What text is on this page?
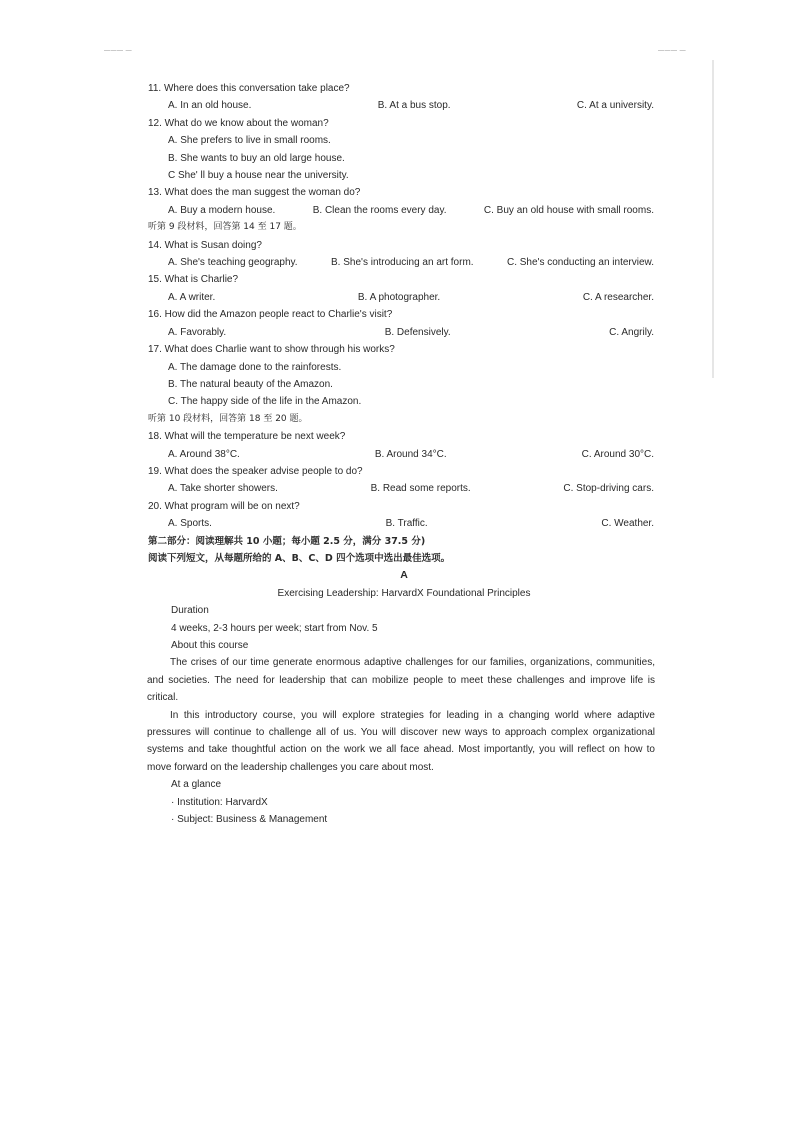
——— —	——— —

11. Where does this conversation take place?

A. In an old house.	B. At a bus stop.	C. At a university.

12. What do we know about the woman?

A. She prefers to live in small rooms.

B. She wants to buy an old large house.

C She' ll buy a house near the university.

13. What does the man suggest the woman do?

A. Buy a modern house.	B. Clean the rooms every day.	C. Buy an old house with small rooms.

听第 9 段材料，回答第 14 至 17 题。

14. What is Susan doing?

A. She's teaching geography.	B. She's introducing an art form.	C. She's conducting an interview.

15. What is Charlie?

A. A writer.	B. A photographer.	C. A researcher.

16. How did the Amazon people react to Charlie's visit?

A. Favorably.	B. Defensively.	C. Angrily.

17. What does Charlie want to show through his works?

A. The damage done to the rainforests.

B. The natural beauty of the Amazon.

C. The happy side of the life in the Amazon.

听第 10 段材料，回答第 18 至 20 题。

18. What will the temperature be next week?

A. Around 38°C.	B. Around 34°C.	C. Around 30°C.

19. What does the speaker advise people to do?

A. Take shorter showers.	B. Read some reports.	C. Stop-driving cars.

20. What program will be on next?

A. Sports.	B. Traffic.	C. Weather.

第二部分：阅读理解共 10 小题；每小题 2.5 分，满分 37.5 分)

阅读下列短文，从每题所给的 A、B、C、D 四个选项中选出最佳选项。

A

Exercising Leadership: HarvardX Foundational Principles

Duration

4 weeks, 2-3 hours per week; start from Nov. 5

About this course

The crises of our time generate enormous adaptive challenges for our families, organizations, communities, and societies. The need for leadership that can mobilize people to meet these challenges and improve life is critical.

In this introductory course, you will explore strategies for leading in a changing world where adaptive pressures will continue to challenge all of us. You will discover new ways to approach complex organizational systems and take thoughtful action on the work we all face ahead. Most importantly, you will reflect on how to move forward on the leadership challenges you care about most.

At a glance

· Institution: HarvardX

· Subject: Business & Management
